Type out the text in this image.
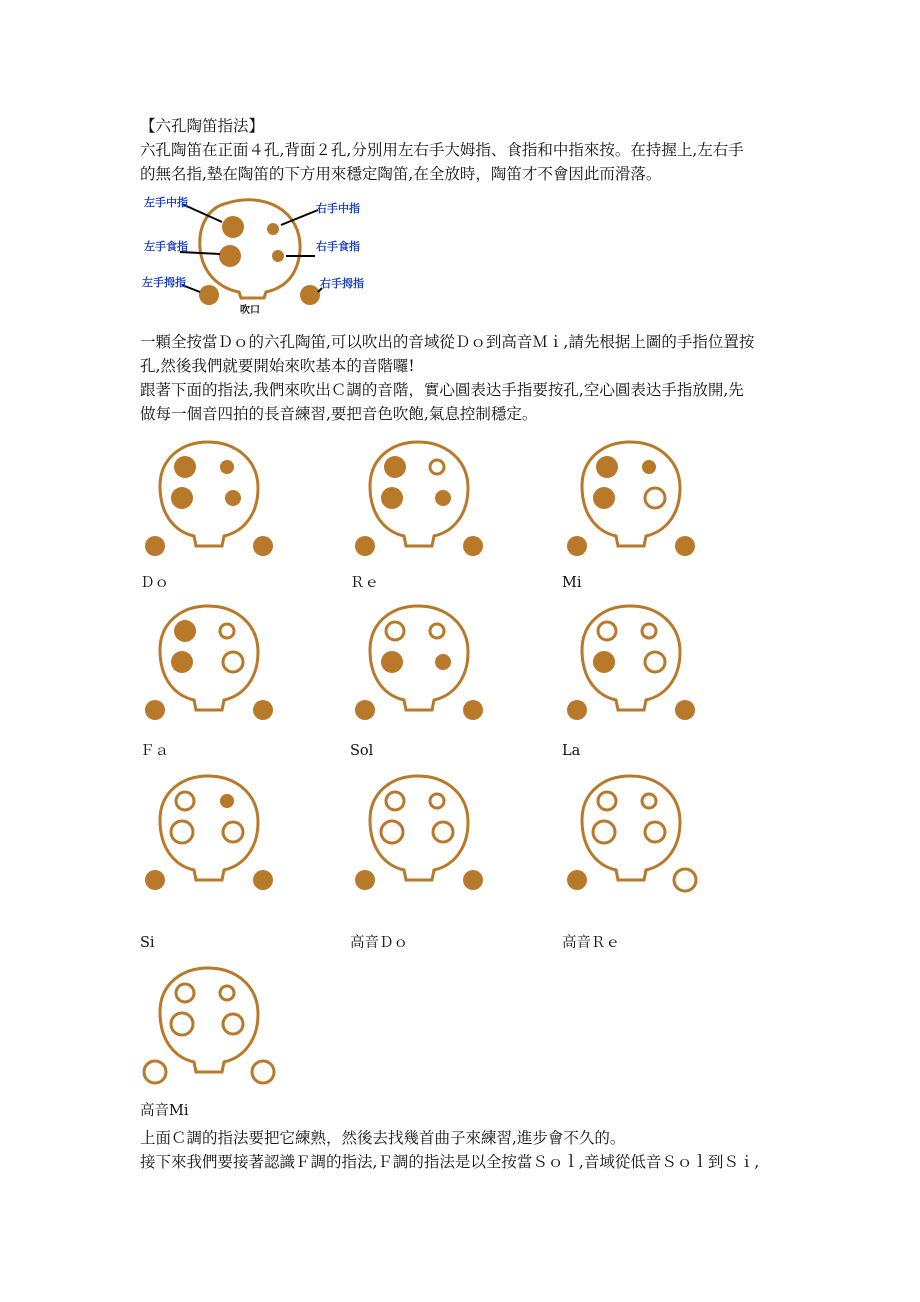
【六孔陶笛指法】

六孔陶笛在正面４孔,背面２孔,分別用左右手大姆指、食指和中指來按。在持握上,左右手

的無名指,墊在陶笛的下方用來穩定陶笛,在全放時，陶笛才不會因此而滑落。

左手中指
左手食指
左手拇指
右手中指
右手食指
右手拇指
吹口

一顆全按當Ｄｏ的六孔陶笛,可以吹出的音域從Ｄｏ到高音Ｍｉ,請先根据上圖的手指位置按

孔,然後我們就要開始來吹基本的音階囉!

跟著下面的指法,我們來吹出Ｃ調的音階，實心圓表达手指要按孔,空心圓表达手指放開,先

做每一個音四拍的長音練習,要把音色吹飽,氣息控制穩定。

Ｄｏ	Ｒｅ	Mi
Ｆａ	Sol	La
Si	高音Ｄｏ	高音Ｒｅ
高音Mi

上面Ｃ調的指法要把它練熟，然後去找幾首曲子來練習,進步會不久的。

接下來我們要接著認識Ｆ調的指法,Ｆ調的指法是以全按當Ｓｏｌ,音域從低音Ｓｏｌ到Ｓｉ,
